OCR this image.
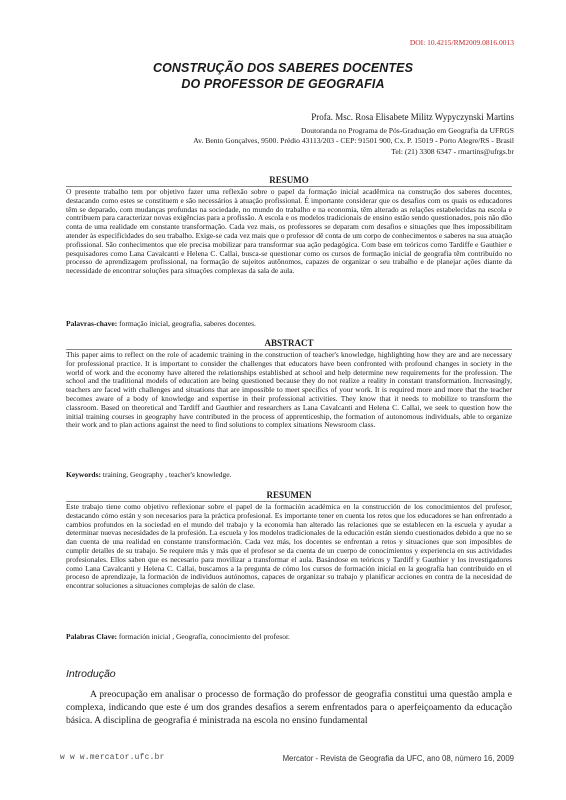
DOI: 10.4215/RM2009.0816.0013
CONSTRUÇÃO DOS SABERES DOCENTES
DO PROFESSOR DE GEOGRAFIA
Profa. Msc. Rosa Elisabete Militz Wypyczynski Martins
Doutoranda no Programa de Pós-Graduação em Geografia da UFRGS
Av. Bento Gonçalves, 9500. Prédio 43113/203 - CEP: 91501 900, Cx. P. 15019 - Porto Alegre/RS - Brasil
Tel: (21) 3308 6347 - rmartins@ufrgs.br
RESUMO
O presente trabalho tem por objetivo fazer uma reflexão sobre o papel da formação inicial acadêmica na construção dos saberes docentes, destacando como estes se constituem e são necessários à atuação profissional. É importante considerar que os desafios com os quais os educadores têm se deparado, com mudanças profundas na sociedade, no mundo do trabalho e na economia, têm alterado as relações estabelecidas na escola e contribuem para caracterizar novas exigências para a profissão. A escola e os modelos tradicionais de ensino estão sendo questionados, pois não dão conta de uma realidade em constante transformação. Cada vez mais, os professores se deparam com desafios e situações que lhes impossibilitam atender às especificidades do seu trabalho. Exige-se cada vez mais que o professor dê conta de um corpo de conhecimentos e saberes na sua atuação profissional. São conhecimentos que ele precisa mobilizar para transformar sua ação pedagógica. Com base em teóricos como Tardiffe e Gauthier e pesquisadores como Lana Cavalcanti e Helena C. Callai, busca-se questionar como os cursos de formação inicial de geografia têm contribuído no processo de aprendizagem profissional, na formação de sujeitos autônomos, capazes de organizar o seu trabalho e de planejar ações diante da necessidade de encontrar soluções para situações complexas da sala de aula.
Palavras-chave: formação inicial, geografia, saberes docentes.
ABSTRACT
This paper aims to reflect on the role of academic training in the construction of teacher's knowledge, highlighting how they are and are necessary for professional practice. It is important to consider the challenges that educators have been confronted with profound changes in society in the world of work and the economy have altered the relationships established at school and help determine new requirements for the profession. The school and the traditional models of education are being questioned because they do not realize a reality in constant transformation. Increasingly, teachers are faced with challenges and situations that are impossible to meet specifics of your work. It is required more and more that the teacher becomes aware of a body of knowledge and expertise in their professional activities. They know that it needs to mobilize to transform the classroom. Based on theoretical and Tardiff and Gauthier and researchers as Lana Cavalcanti and Helena C. Callai, we seek to question how the initial training courses in geography have contributed in the process of apprenticeship, the formation of autonomous individuals, able to organize their work and to plan actions against the need to find solutions to complex situations Newsroom class.
Keywords: training, Geography , teacher's knowledge.
RESUMEN
Este trabajo tiene como objetivo reflexionar sobre el papel de la formación académica en la construcción de los conocimientos del profesor, destacando cómo están y son necesarios para la práctica profesional. Es importante tener en cuenta los retos que los educadores se han enfrentado a cambios profundos en la sociedad en el mundo del trabajo y la economía han alterado las relaciones que se establecen en la escuela y ayudar a determinar nuevas necesidades de la profesión. La escuela y los modelos tradicionales de la educación están siendo cuestionados debido a que no se dan cuenta de una realidad en constante transformación. Cada vez más, los docentes se enfrentan a retos y situaciones que son imposibles de cumplir detalles de su trabajo. Se requiere más y más que el profesor se da cuenta de un cuerpo de conocimientos y experiencia en sus actividades profesionales. Ellos saben que es necesario para movilizar a transformar el aula. Basándose en teóricos y Tardiff y Gauthier y los investigadores como Lana Cavalcanti y Helena C. Callai, buscamos a la pregunta de cómo los cursos de formación inicial en la geografía han contribuido en el proceso de aprendizaje, la formación de individuos autónomos, capaces de organizar su trabajo y planificar acciones en contra de la necesidad de encontrar soluciones a situaciones complejas de salón de clase.
Palabras Clave: formación inicial , Geografía, conocimiento del profesor.
Introdução
A preocupação em analisar o processo de formação do professor de geografia constitui uma questão ampla e complexa, indicando que este é um dos grandes desafios a serem enfrentados para o aperfeiçoamento da educação básica. A disciplina de geografia é ministrada na escola no ensino fundamental
w w w.mercator.ufc.br	Mercator - Revista de Geografia da UFC, ano 08, número 16, 2009
